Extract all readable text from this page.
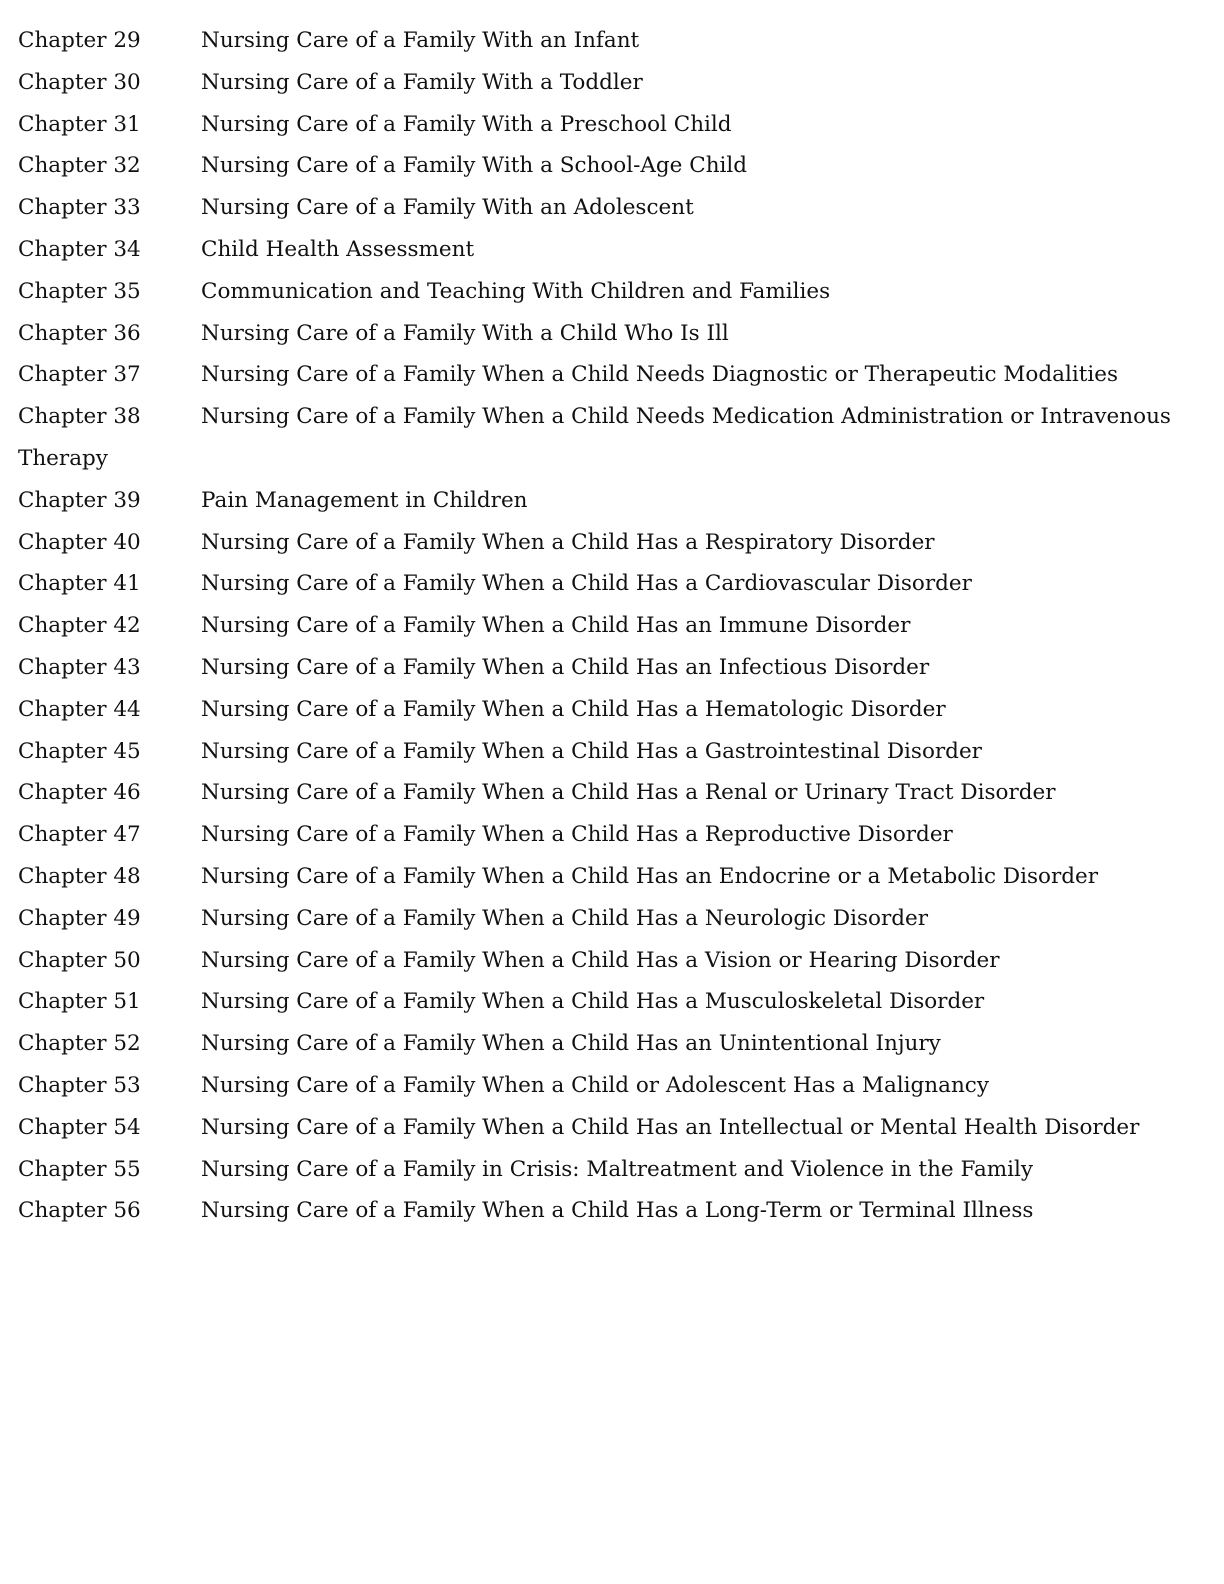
Chapter 29	Nursing Care of a Family With an Infant

Chapter 30	Nursing Care of a Family With a Toddler

Chapter 31	Nursing Care of a Family With a Preschool Child

Chapter 32	Nursing Care of a Family With a School-Age Child

Chapter 33	Nursing Care of a Family With an Adolescent

Chapter 34	Child Health Assessment

Chapter 35	Communication and Teaching With Children and Families

Chapter 36	Nursing Care of a Family With a Child Who Is Ill

Chapter 37	Nursing Care of a Family When a Child Needs Diagnostic or Therapeutic Modalities

Chapter 38	Nursing Care of a Family When a Child Needs Medication Administration or Intravenous Therapy

Chapter 39	Pain Management in Children

Chapter 40	Nursing Care of a Family When a Child Has a Respiratory Disorder

Chapter 41	Nursing Care of a Family When a Child Has a Cardiovascular Disorder

Chapter 42	Nursing Care of a Family When a Child Has an Immune Disorder

Chapter 43	Nursing Care of a Family When a Child Has an Infectious Disorder

Chapter 44	Nursing Care of a Family When a Child Has a Hematologic Disorder

Chapter 45	Nursing Care of a Family When a Child Has a Gastrointestinal Disorder

Chapter 46	Nursing Care of a Family When a Child Has a Renal or Urinary Tract Disorder

Chapter 47	Nursing Care of a Family When a Child Has a Reproductive Disorder

Chapter 48	Nursing Care of a Family When a Child Has an Endocrine or a Metabolic Disorder

Chapter 49	Nursing Care of a Family When a Child Has a Neurologic Disorder

Chapter 50	Nursing Care of a Family When a Child Has a Vision or Hearing Disorder

Chapter 51	Nursing Care of a Family When a Child Has a Musculoskeletal Disorder

Chapter 52	Nursing Care of a Family When a Child Has an Unintentional Injury

Chapter 53	Nursing Care of a Family When a Child or Adolescent Has a Malignancy

Chapter 54	Nursing Care of a Family When a Child Has an Intellectual or Mental Health Disorder

Chapter 55	Nursing Care of a Family in Crisis: Maltreatment and Violence in the Family

Chapter 56	Nursing Care of a Family When a Child Has a Long-Term or Terminal Illness
